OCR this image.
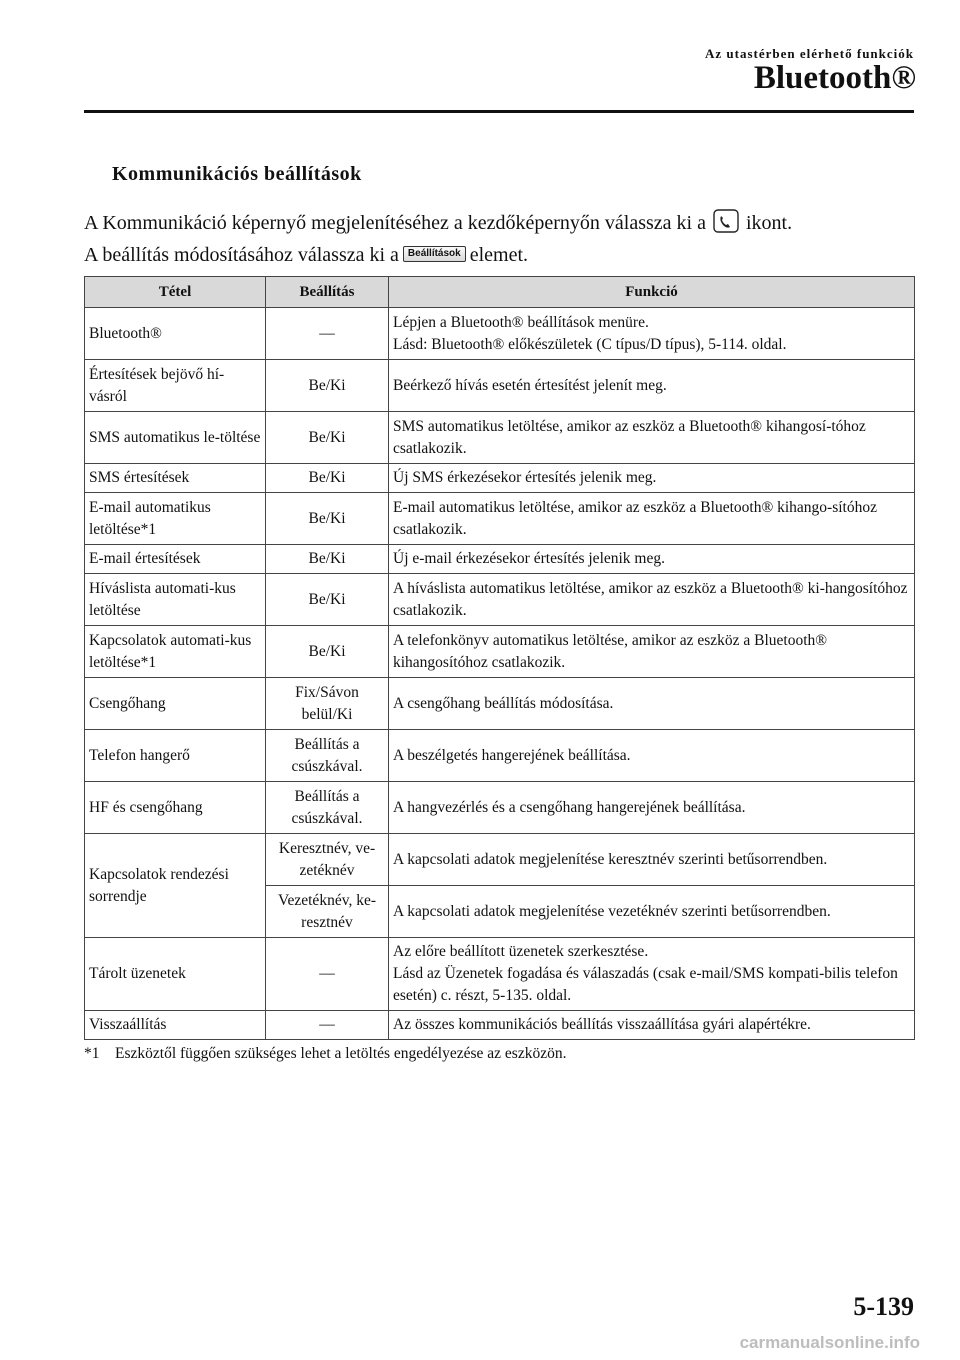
Az utastérben elérhető funkciók
Bluetooth®
Kommunikációs beállítások
A Kommunikáció képernyő megjelenítéséhez a kezdőképernyőn válassza ki a ikont.
A beállítás módosításához válassza ki a Beállítások elemet.
Tétel	Beállítás	Funkció
Bluetooth®	—	Lépjen a Bluetooth® beállítások menüre.
Lásd: Bluetooth® előkészületek (C típus/D típus), 5-114. oldal.

Értesítések bejövő hí-vásról	Be/Ki	Beérkező hívás esetén értesítést jelenít meg.
SMS automatikus le-töltése	Be/Ki	SMS automatikus letöltése, amikor az eszköz a Bluetooth® kihangosí-tóhoz csatlakozik.
SMS értesítések	Be/Ki	Új SMS érkezésekor értesítés jelenik meg.
E-mail automatikus letöltése*1	Be/Ki	E-mail automatikus letöltése, amikor az eszköz a Bluetooth® kihango-sítóhoz csatlakozik.
E-mail értesítések	Be/Ki	Új e-mail érkezésekor értesítés jelenik meg.
Híváslista automati-kus letöltése	Be/Ki	A híváslista automatikus letöltése, amikor az eszköz a Bluetooth® ki-hangosítóhoz csatlakozik.
Kapcsolatok automati-kus letöltése*1	Be/Ki	A telefonkönyv automatikus letöltése, amikor az eszköz a Bluetooth® kihangosítóhoz csatlakozik.
Csengőhang	Fix/Sávon belül/Ki	A csengőhang beállítás módosítása.
Telefon hangerő	Beállítás a csúszkával.	A beszélgetés hangerejének beállítása.
HF és csengőhang	Beállítás a csúszkával.	A hangvezérlés és a csengőhang hangerejének beállítása.
Kapcsolatok rendezési sorrendje	Keresztnév, ve-zetéknév	A kapcsolati adatok megjelenítése keresztnév szerinti betűsorrendben.
	Vezetéknév, ke-resztnév	A kapcsolati adatok megjelenítése vezetéknév szerinti betűsorrendben.
Tárolt üzenetek	—	Az előre beállított üzenetek szerkesztése.
Lásd az Üzenetek fogadása és válaszadás (csak e-mail/SMS kompati-bilis telefon esetén) c. részt, 5-135. oldal.

Visszaállítás	—	Az összes kommunikációs beállítás visszaállítása gyári alapértékre.
*1 Eszköztől függően szükséges lehet a letöltés engedélyezése az eszközön.
5-139
carmanualsonline.info
